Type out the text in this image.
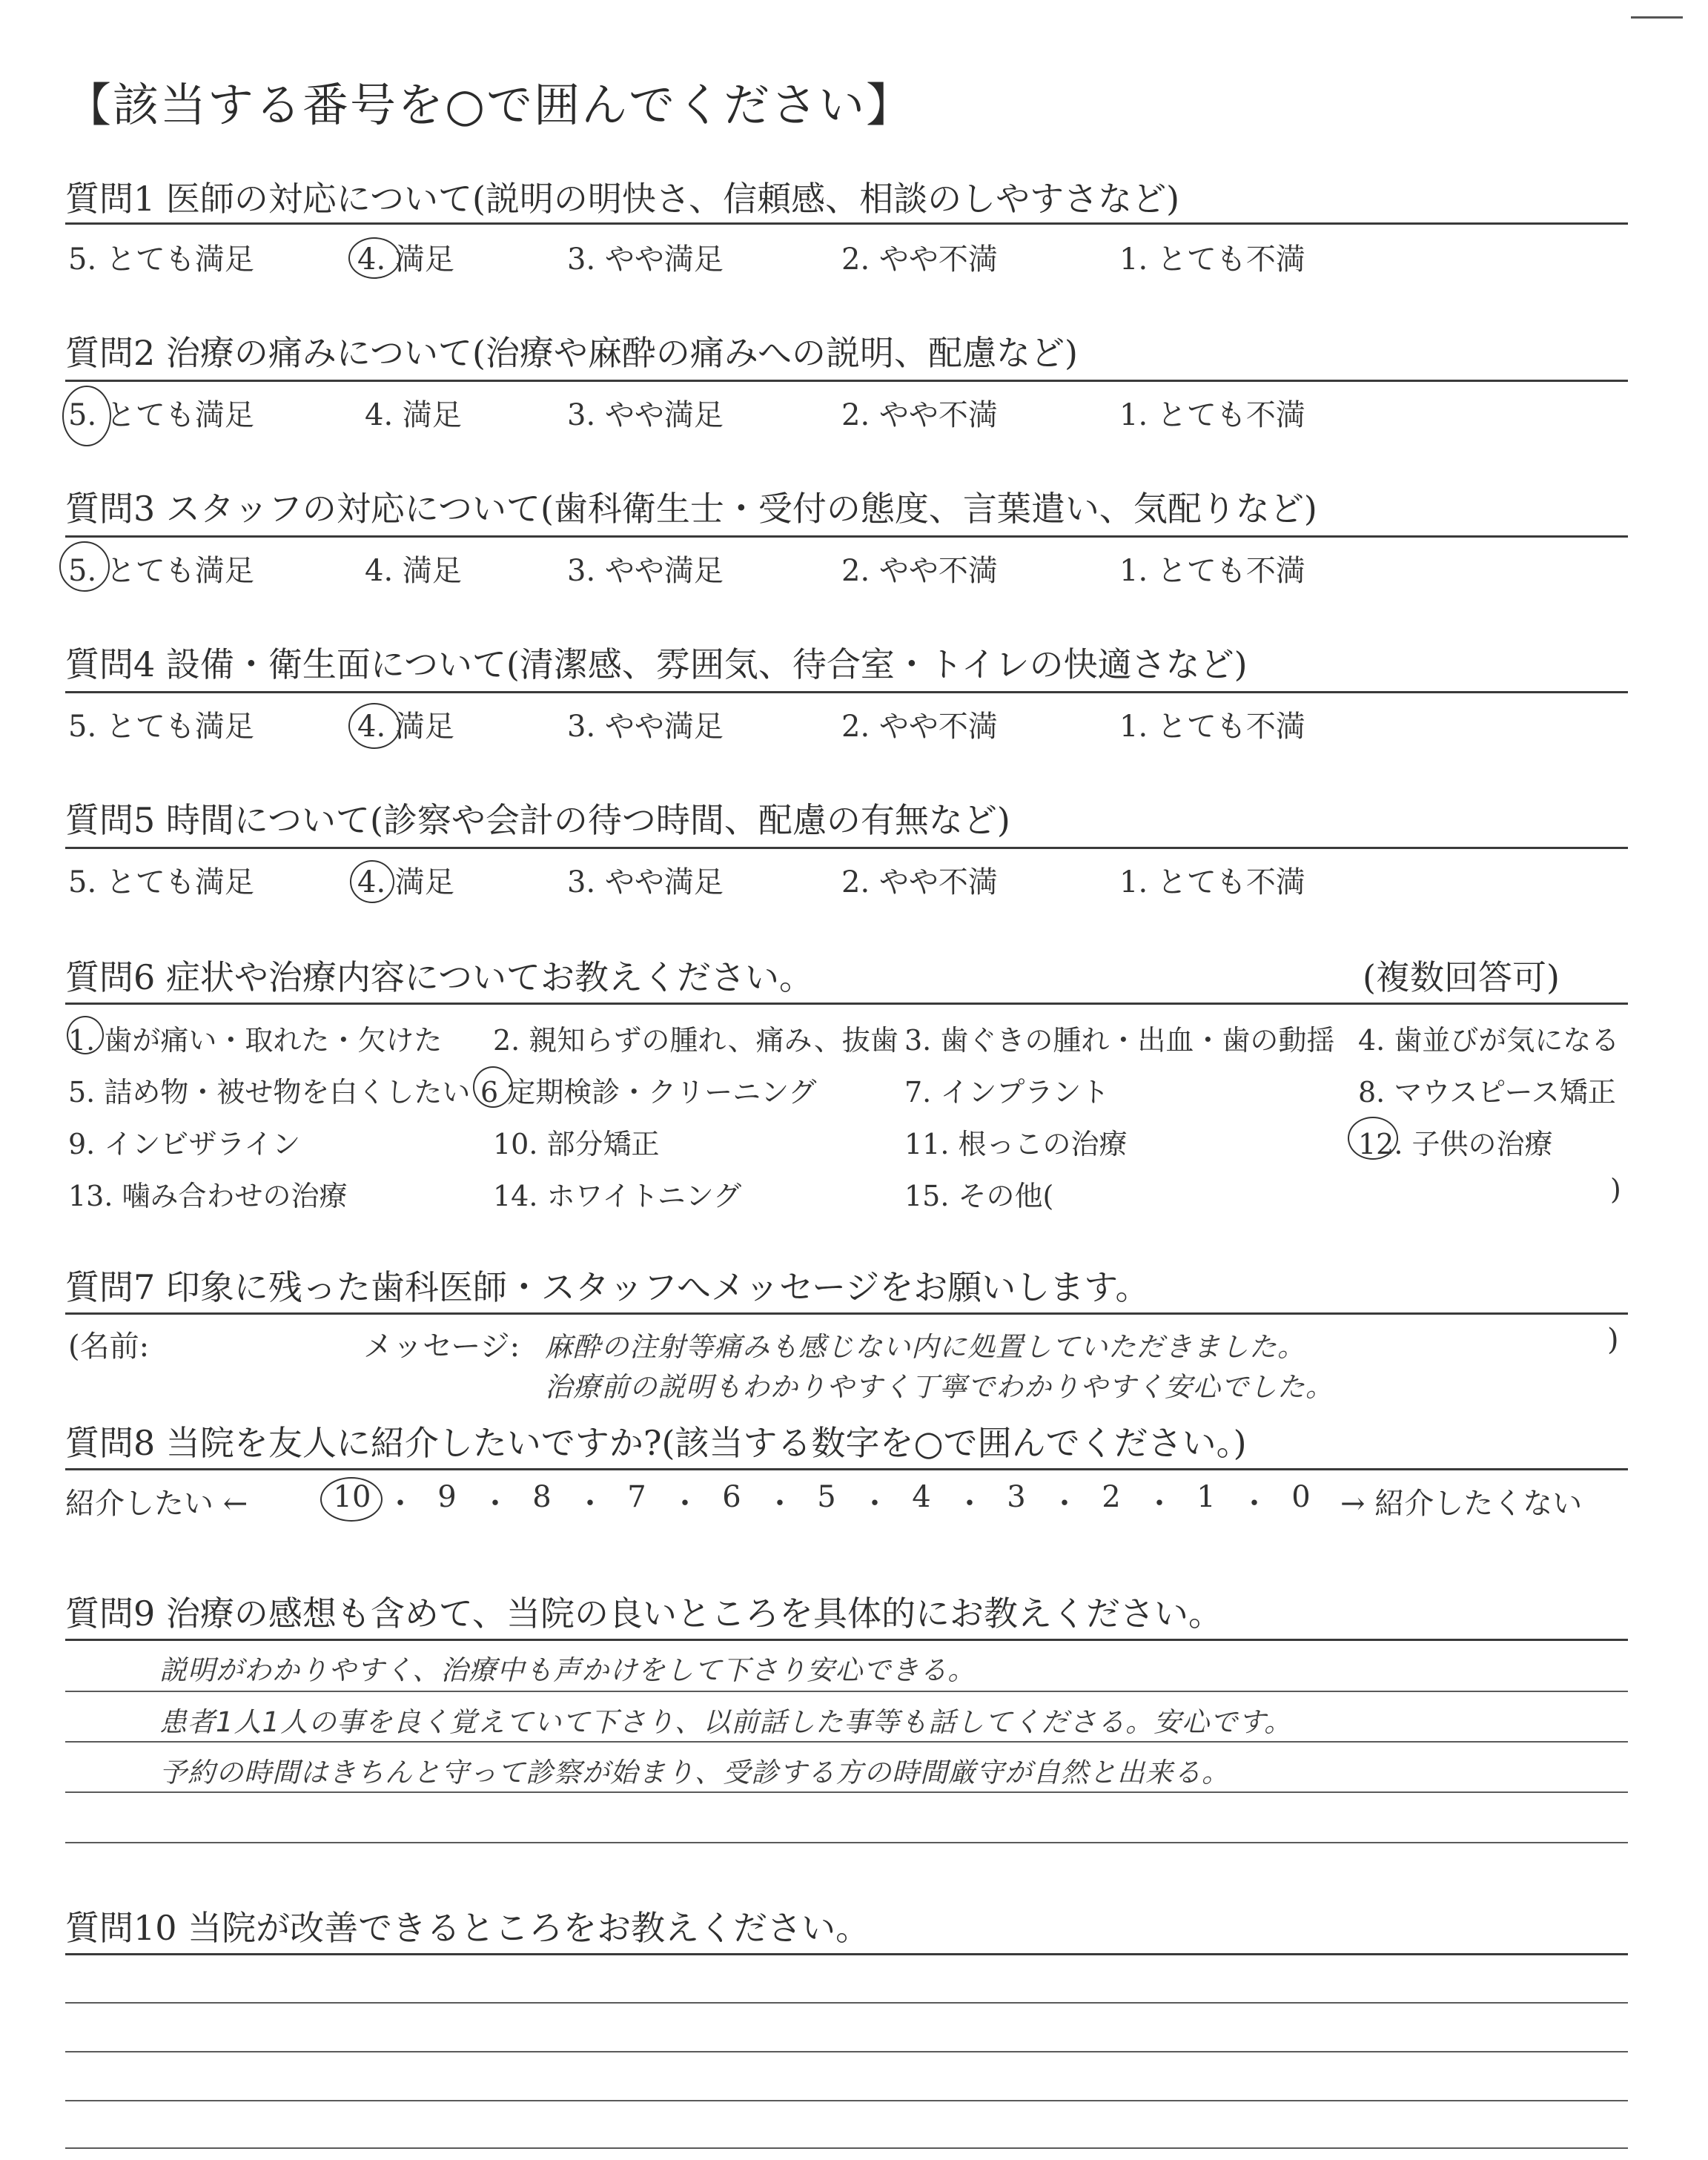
【該当する番号を○で囲んでください】
質問1 医師の対応について(説明の明快さ、信頼感、相談のしやすさなど)
5. とても満足	4. 満足	3. やや満足	2. やや不満	1. とても不満
質問2 治療の痛みについて(治療や麻酔の痛みへの説明、配慮など)
5. とても満足	4. 満足	3. やや満足	2. やや不満	1. とても不満
質問3 スタッフの対応について(歯科衛生士・受付の態度、言葉遣い、気配りなど)
5. とても満足	4. 満足	3. やや満足	2. やや不満	1. とても不満
質問4 設備・衛生面について(清潔感、雰囲気、待合室・トイレの快適さなど)
5. とても満足	4. 満足	3. やや満足	2. やや不満	1. とても不満
質問5 時間について(診察や会計の待つ時間、配慮の有無など)
5. とても満足	4. 満足	3. やや満足	2. やや不満	1. とても不満
質問6 症状や治療内容についてお教えください。	(複数回答可)
1. 歯が痛い・取れた・欠けた 2. 親知らずの腫れ、痛み、抜歯 3. 歯ぐきの腫れ・出血・歯の動揺 4. 歯並びが気になる
5. 詰め物・被せ物を白くしたい 6 定期検診・クリーニング	7. インプラント	8. マウスピース矯正
9. インビザライン	10. 部分矯正	11. 根っこの治療	12. 子供の治療
13. 噛み合わせの治療	14. ホワイトニング	15. その他(	)
質問7 印象に残った歯科医師・スタッフへメッセージをお願いします。
(名前:	メッセージ: 麻酔の注射等痛みも感じない内に処置していただきました。	)
治療前の説明もわかりやすく丁寧でわかりやすく安心でした。
質問8 当院を友人に紹介したいですか?(該当する数字を○で囲んでください。)
紹介したい ←	10 ・ 9 ・ 8 ・ 7 ・ 6 ・ 5 ・ 4 ・ 3 ・ 2 ・ 1 ・ 0	→ 紹介したくない
質問9 治療の感想も含めて、当院の良いところを具体的にお教えください。
説明がわかりやすく、治療中も声かけをして下さり安心できる。
患者1人1人の事を良く覚えていて下さり、以前話した事等も話してくださる。安心です。
予約の時間はきちんと守って診察が始まり、受診する方の時間厳守が自然と出来る。
質問10 当院が改善できるところをお教えください。
